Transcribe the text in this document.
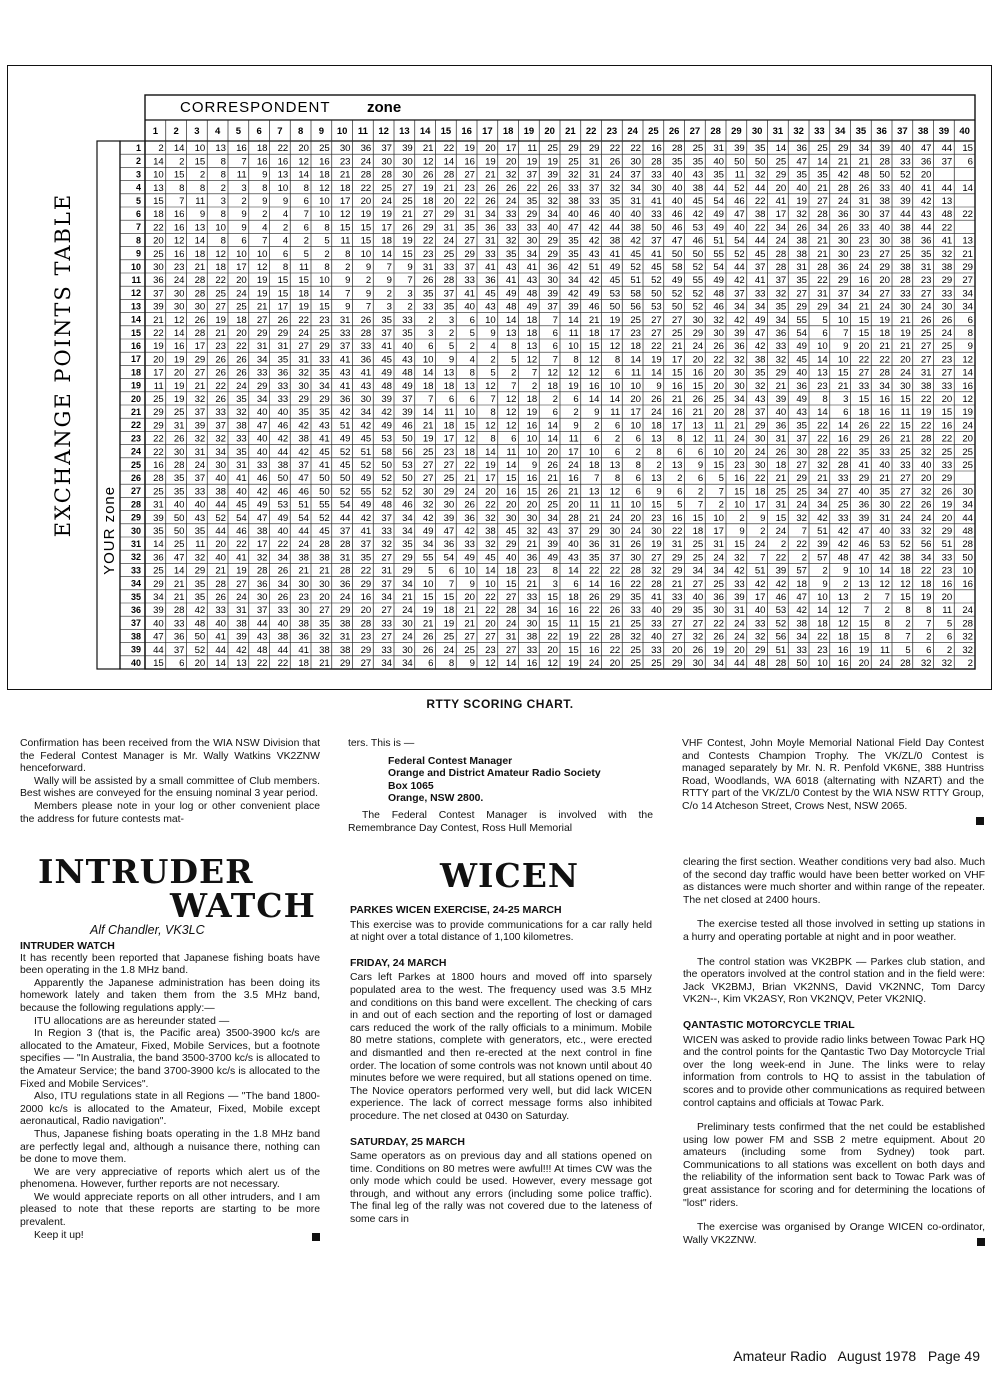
CORRESPONDENT zone
1 2 3 4 5 6 7 8 9 10 11 12 13 14 15 16 17 18 19 20 21 22 23 24 25 26 27 28 29 30 31 32 33 34 35 36 37 38 39 40
1
2
3
4
5
6
7
8
9
10
11
12
13
14
15
16
17
18
19
20
21
22
23
24
25
26
27
28
29
30
31
32
33
34
35
36
37
38
39
40
EXCHANGE POINTS TABLE YOUR zone
2 14 10 13 16 18 22 20 25 30 36 37 39 21 22 19 20 17 11 25 29 29 22 22 16 28 25 31 39 35 14 36 25 29 34 39 40 47 44 15
14 2 15 8 7 16 16 12 16 23 24 30 30 12 14 16 19 20 19 19 25 31 26 30 28 35 35 40 50 50 25 47 14 21 21 28 33 36 37 6
10 15 2 8 11 9 13 14 18 21 28 28 30 26 28 27 21 32 37 39 32 31 24 37 33 40 43 35 11 32 29 35 35 42 48 50 52 20
13 8 8 2 3 8 10 8 12 18 22 25 27 19 21 23 26 26 22 26 33 37 32 34 30 40 38 44 52 44 20 40 21 28 26 33 40 41 44 14
15 7 11 3 2 9 9 6 10 17 20 24 25 18 20 22 26 24 35 32 38 33 35 31 41 40 45 54 46 22 41 19 27 24 31 38 39 42 13
18 16 9 8 9 2 4 7 10 12 19 19 21 27 29 31 34 33 29 34 40 46 40 40 33 46 42 49 47 38 17 32 28 36 30 37 44 43 48 22
22 16 13 10 9 4 2 6 8 15 15 17 26 29 31 35 36 33 33 40 47 42 44 38 50 46 53 49 40 22 34 26 34 26 33 40 38 44 22
20 12 14 8 6 7 4 2 5 11 15 18 19 22 24 27 31 32 30 29 35 42 38 42 37 47 46 51 54 44 24 38 21 30 23 30 38 36 41 13
25 16 18 12 10 10 6 5 2 8 10 14 15 23 25 29 33 35 34 29 35 43 41 45 41 50 50 55 52 45 28 38 21 30 23 27 25 35 32 21
30 23 21 18 17 12 8 11 8 2 9 7 9 31 33 37 41 43 41 36 42 51 49 52 45 58 52 54 44 37 28 31 28 36 24 29 38 31 38 29
36 24 28 22 20 19 15 15 10 9 2 9 7 26 28 33 36 41 43 30 34 42 45 51 52 49 55 49 42 41 37 35 22 29 16 20 28 23 29 27
37 30 28 25 24 19 15 18 14 7 9 2 3 35 37 41 45 49 48 39 42 49 53 58 50 52 52 48 37 33 32 27 31 37 34 27 33 27 33 34
39 30 30 27 25 21 17 19 15 9 7 3 2 33 35 40 43 48 49 37 39 46 50 56 53 50 52 46 34 34 35 29 29 34 21 24 30 24 30 34
21 12 26 19 18 27 26 22 23 31 26 35 33 2 3 6 10 14 18 7 14 21 19 25 27 27 30 32 42 49 34 55 5 10 15 19 21 26 26 6
22 14 28 21 20 29 29 24 25 33 28 37 35 3 2 5 9 13 18 6 11 18 17 23 27 25 29 30 39 47 36 54 6 7 15 18 19 25 24 8
19 16 17 23 22 31 31 27 29 37 33 41 40 6 5 2 4 8 13 6 10 15 12 18 22 21 24 26 36 42 33 49 10 9 20 21 21 27 25 9
20 19 29 26 26 34 35 31 33 41 36 45 43 10 9 4 2 5 12 7 8 12 8 14 19 17 20 22 32 38 32 45 14 10 22 22 20 27 23 12
17 20 27 26 26 33 36 32 35 43 41 49 48 14 13 8 5 2 7 12 12 12 6 11 14 15 16 20 30 35 29 40 13 15 27 28 24 31 27 14
11 19 21 22 24 29 33 30 34 41 43 48 49 18 18 13 12 7 2 18 19 16 10 10 9 16 15 20 30 32 21 36 23 21 33 34 30 38 33 16
25 19 32 26 35 34 33 29 29 36 30 39 37 7 6 6 7 12 18 2 6 14 14 20 26 21 26 25 34 43 39 49 8 3 15 16 15 22 20 12
29 25 37 33 32 40 40 35 35 42 34 42 39 14 11 10 8 12 19 6 2 9 11 17 24 16 21 20 28 37 40 43 14 6 18 16 11 19 15 19
29 31 39 37 38 47 46 42 43 51 42 49 46 21 18 15 12 12 16 14 9 2 6 10 18 17 13 11 21 29 36 35 22 14 26 22 15 22 16 24
22 26 32 32 33 40 42 38 41 49 45 53 50 19 17 12 8 6 10 14 11 6 2 6 13 8 12 11 24 30 31 37 22 16 29 26 21 28 22 20
22 30 31 34 35 40 44 42 45 52 51 58 56 25 23 18 14 11 10 20 17 10 6 2 8 6 6 10 20 24 26 30 28 22 35 33 25 32 25 25
16 28 24 30 31 33 38 37 41 45 52 50 53 27 27 22 19 14 9 26 24 18 13 8 2 13 9 15 23 30 18 27 32 28 41 40 33 40 33 25
28 35 37 40 41 46 50 47 50 50 49 52 50 27 25 21 17 15 16 21 16 7 8 6 13 2 6 5 16 22 21 29 21 33 29 21 27 20 29
25 35 33 38 40 42 46 46 50 52 55 52 52 30 29 24 20 16 15 26 21 13 12 6 9 6 2 7 15 18 25 25 34 27 40 35 27 32 26 30
31 40 40 44 45 49 53 51 55 54 49 48 46 32 30 26 22 20 20 25 20 11 11 10 15 5 7 2 10 17 31 24 34 25 36 30 22 26 19 34
39 50 43 52 54 47 49 54 52 44 42 37 34 42 39 36 32 30 30 34 28 21 24 20 23 16 15 10 2 9 15 32 42 33 39 31 24 24 20 44
35 50 35 44 46 38 40 44 45 37 41 33 34 49 47 42 38 45 32 43 37 29 30 24 30 22 18 17 9 2 24 7 51 42 47 40 33 32 29 48
14 25 11 20 22 17 22 24 28 28 37 32 35 34 36 33 32 29 21 39 40 36 31 26 19 31 25 31 15 24 2 22 39 42 46 53 52 56 51 28
36 47 32 40 41 32 34 38 38 31 35 27 29 55 54 49 45 40 36 49 43 35 37 30 27 29 25 24 32 7 22 2 57 48 47 42 38 34 33 50
25 14 29 21 19 28 26 21 21 28 22 31 29 5 6 10 14 18 23 8 14 22 22 28 32 29 34 34 42 51 39 57 2 9 10 14 18 22 23 10
29 21 35 28 27 36 34 30 30 36 29 37 34 10 7 9 10 15 21 3 6 14 16 22 28 21 27 25 33 42 42 18 9 2 13 12 12 18 16 16
34 21 35 26 24 30 26 23 20 24 16 34 21 15 15 20 22 27 33 15 18 26 29 35 41 33 40 36 39 17 46 47 10 13 2 7 15 19 20
39 28 42 33 31 37 33 30 27 29 20 27 24 19 18 21 22 28 34 16 16 22 26 33 40 29 35 30 31 40 53 42 14 12 7 2 8 8 11 24
40 33 48 40 38 44 40 38 35 38 28 33 30 21 19 21 20 24 30 15 11 15 21 25 33 27 27 22 24 33 52 38 18 12 15 8 2 7 5 28
47 36 50 41 39 43 38 36 32 31 23 27 24 26 25 27 27 31 38 22 19 22 28 32 40 27 32 26 24 32 56 34 22 18 15 8 7 2 6 32
44 37 52 44 42 48 44 41 38 38 29 33 30 26 24 25 23 27 33 20 15 16 22 25 33 20 26 19 20 29 51 33 23 16 19 11 5 6 2 32
15 6 20 14 13 22 22 18 21 29 27 34 34 6 8 9 12 14 16 12 19 24 20 25 25 29 30 34 44 48 28 50 10 16 20 24 28 32 32 2
RTTY SCORING CHART.

Confirmation has been received from the WIA NSW Division that the Federal Contest Manager is Mr. Wally Watkins VK2ZNW henceforward.

Wally will be assisted by a small committee of Club members. Best wishes are conveyed for the ensuing nominal 3 year period.

Members please note in your log or other convenient place the address for future contests mat-

ters. This is —

Federal Contest Manager
Orange and District Amateur Radio Society
Box 1065
Orange, NSW 2800.

The Federal Contest Manager is involved with the Remembrance Day Contest, Ross Hull Memorial

VHF Contest, John Moyle Memorial National Field Day Contest and Contests Champion Trophy. The VK/ZL/0 Contest is managed separately by Mr. N. R. Penfold VK6NE, 388 Huntriss Road, Woodlands, WA 6018 (alternating with NZART) and the RTTY part of the VK/ZL/0 Contest by the WIA NSW RTTY Group, C/o 14 Atcheson Street, Crows Nest, NSW 2065.

INTRUDER
WATCH
Alf Chandler, VK3LC

INTRUDER WATCH

It has recently been reported that Japanese fishing boats have been operating in the 1.8 MHz band.

Apparently the Japanese administration has been doing its homework lately and taken them from the 3.5 MHz band, because the following regulations apply:—

ITU allocations are as hereunder stated —

In Region 3 (that is, the Pacific area) 3500-3900 kc/s are allocated to the Amateur, Fixed, Mobile Services, but a footnote specifies — "In Australia, the band 3500-3700 kc/s is allocated to the Amateur Service; the band 3700-3900 kc/s is allocated to the Fixed and Mobile Services".

Also, ITU regulations state in all Regions — "The band 1800-2000 kc/s is allocated to the Amateur, Fixed, Mobile except aeronautical, Radio navigation".

Thus, Japanese fishing boats operating in the 1.8 MHz band are perfectly legal and, although a nuisance there, nothing can be done to move them.

We are very appreciative of reports which alert us of the phenomena. However, further reports are not necessary.

We would appreciate reports on all other intruders, and I am pleased to note that these reports are starting to be more prevalent.

Keep it up!

WICEN

PARKES WICEN EXERCISE, 24-25 MARCH

This exercise was to provide communications for a car rally held at night over a total distance of 1,100 kilometres.

FRIDAY, 24 MARCH

Cars left Parkes at 1800 hours and moved off into sparsely populated area to the west. The frequency used was 3.5 MHz and conditions on this band were excellent. The checking of cars in and out of each section and the reporting of lost or damaged cars reduced the work of the rally officials to a minimum. Mobile 80 metre stations, complete with generators, etc., were erected and dismantled and then re-erected at the next control in fine order. The location of some controls was not known until about 40 minutes before we were required, but all stations opened on time. The Novice operators performed very well, but did lack WICEN experience. The lack of correct message forms also inhibited procedure. The net closed at 0430 on Saturday.

SATURDAY, 25 MARCH

Same operators as on previous day and all stations opened on time. Conditions on 80 metres were awful!!! At times CW was the only mode which could be used. However, every message got through, and without any errors (including some police traffic). The final leg of the rally was not covered due to the lateness of some cars in

clearing the first section. Weather conditions very bad also. Much of the second day traffic would have been better worked on VHF as distances were much shorter and within range of the repeater. The net closed at 2400 hours.

The exercise tested all those involved in setting up stations in a hurry and operating portable at night and in poor weather.

The control station was VK2BPK — Parkes club station, and the operators involved at the control station and in the field were: Jack VK2BMJ, Brian VK2NNS, David VK2NNC, Tom Darcy VK2N--, Kim VK2ASY, Ron VK2NQV, Peter VK2NIQ.

QANTASTIC MOTORCYCLE TRIAL

WICEN was asked to provide radio links between Towac Park HQ and the control points for the Qantastic Two Day Motorcycle Trial over the long week-end in June. The links were to relay information from controls to HQ to assist in the tabulation of scores and to provide other communications as required between control captains and officials at Towac Park.

Preliminary tests confirmed that the net could be established using low power FM and SSB 2 metre equipment. About 20 amateurs (including some from Sydney) took part. Communications to all stations was excellent on both days and the reliability of the information sent back to Towac Park was of great assistance for scoring and for determining the locations of "lost" riders.

The exercise was organised by Orange WICEN co-ordinator, Wally VK2ZNW.

Amateur Radio   August 1978   Page 49
